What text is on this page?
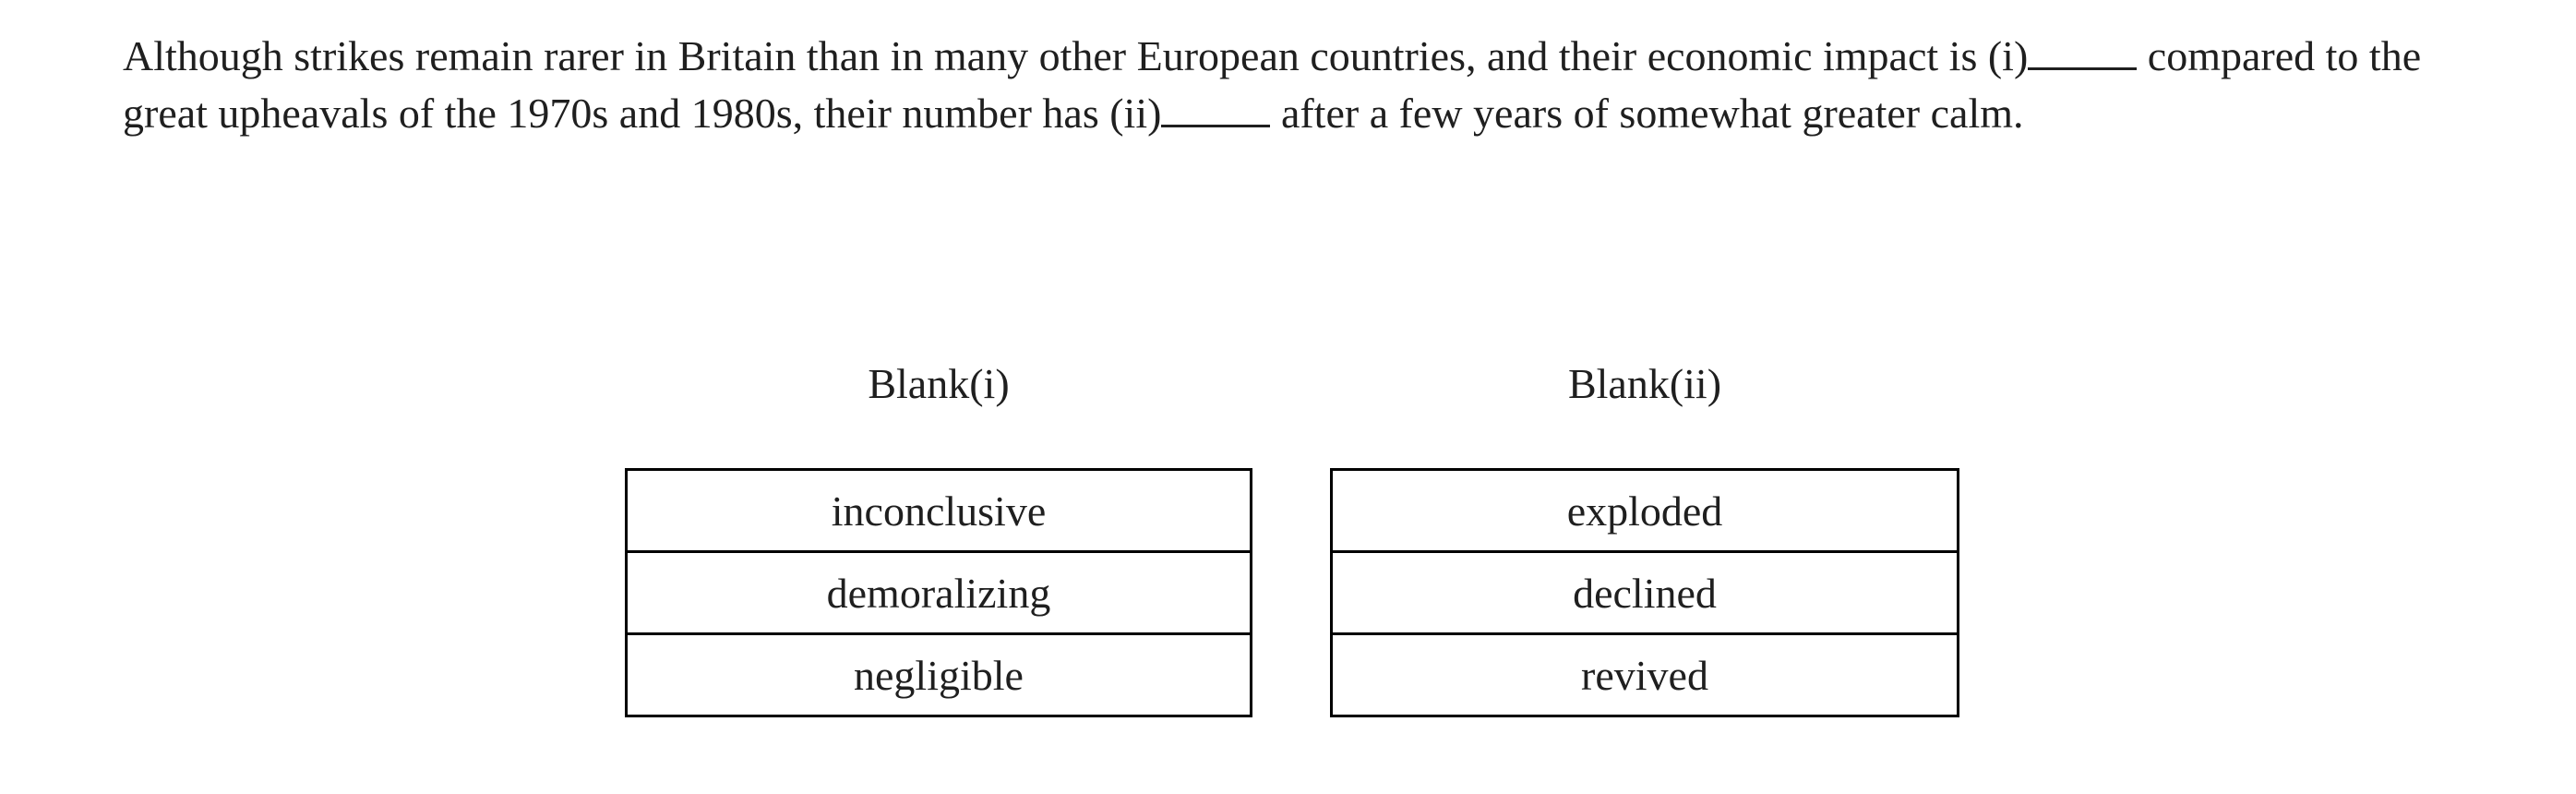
Although strikes remain rarer in Britain than in many other European countries, and their economic impact is (i)	compared to the great upheavals of the 1970s and 1980s, their number has (ii)	after a few years of somewhat greater calm.

Blank(i)
inconclusive
demoralizing
negligible
Blank(ii)
exploded
declined
revived
